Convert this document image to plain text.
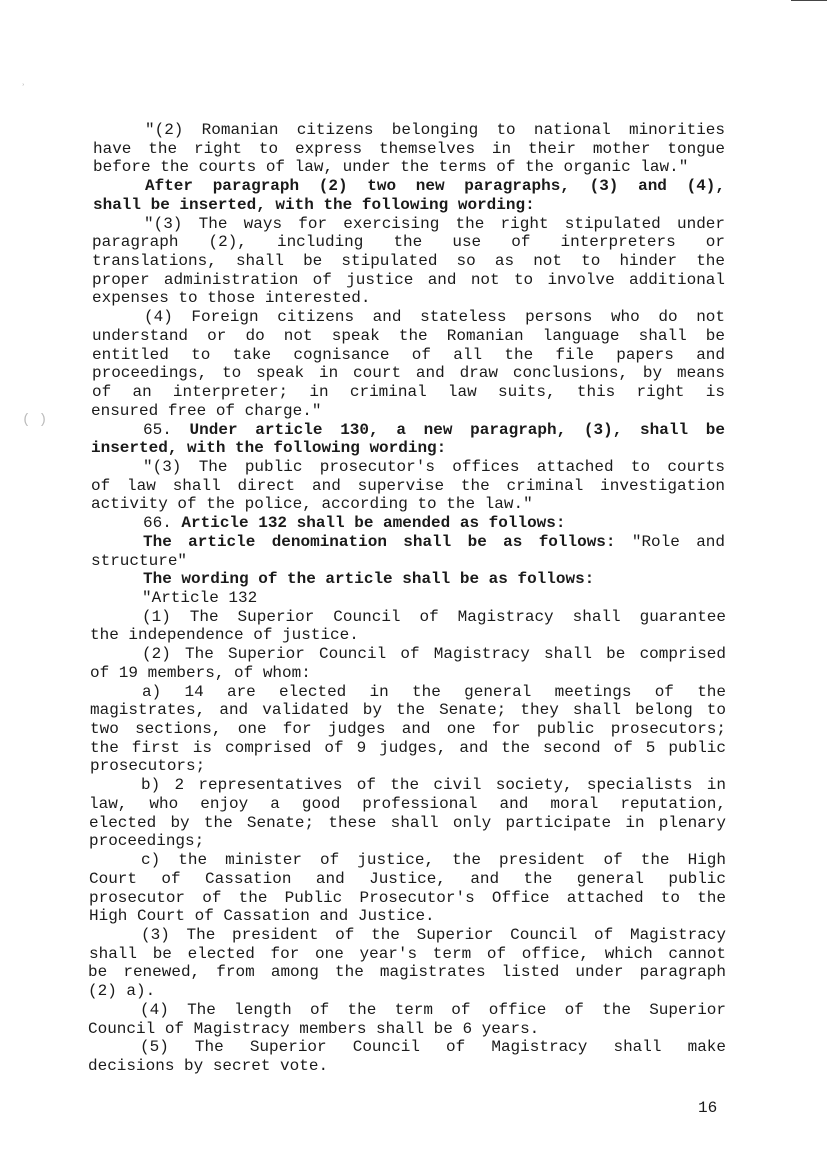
˒
( )
"(2) Romanian citizens belonging to national minorities
have the right to express themselves in their mother tongue
before the courts of law, under the terms of the organic law."
After paragraph (2) two new paragraphs, (3) and (4),
shall be inserted, with the following wording:
"(3) The ways for exercising the right stipulated under
paragraph (2), including the use of interpreters or
translations, shall be stipulated so as not to hinder the
proper administration of justice and not to involve additional
expenses to those interested.
(4) Foreign citizens and stateless persons who do not
understand or do not speak the Romanian language shall be
entitled to take cognisance of all the file papers and
proceedings, to speak in court and draw conclusions, by means
of an interpreter; in criminal law suits, this right is
ensured free of charge."
65. Under article 130, a new paragraph, (3), shall be
inserted, with the following wording:
"(3) The public prosecutor's offices attached to courts
of law shall direct and supervise the criminal investigation
activity of the police, according to the law."
66. Article 132 shall be amended as follows:
The article denomination shall be as follows: "Role and
structure"
The wording of the article shall be as follows:
"Article 132
(1) The Superior Council of Magistracy shall guarantee
the independence of justice.
(2) The Superior Council of Magistracy shall be comprised
of 19 members, of whom:
a) 14 are elected in the general meetings of the
magistrates, and validated by the Senate; they shall belong to
two sections, one for judges and one for public prosecutors;
the first is comprised of 9 judges, and the second of 5 public
prosecutors;
b) 2 representatives of the civil society, specialists in
law, who enjoy a good professional and moral reputation,
elected by the Senate; these shall only participate in plenary
proceedings;
c) the minister of justice, the president of the High
Court of Cassation and Justice, and the general public
prosecutor of the Public Prosecutor's Office attached to the
High Court of Cassation and Justice.
(3) The president of the Superior Council of Magistracy
shall be elected for one year's term of office, which cannot
be renewed, from among the magistrates listed under paragraph
(2) a).
(4) The length of the term of office of the Superior
Council of Magistracy members shall be 6 years.
(5) The Superior Council of Magistracy shall make
decisions by secret vote.
16
